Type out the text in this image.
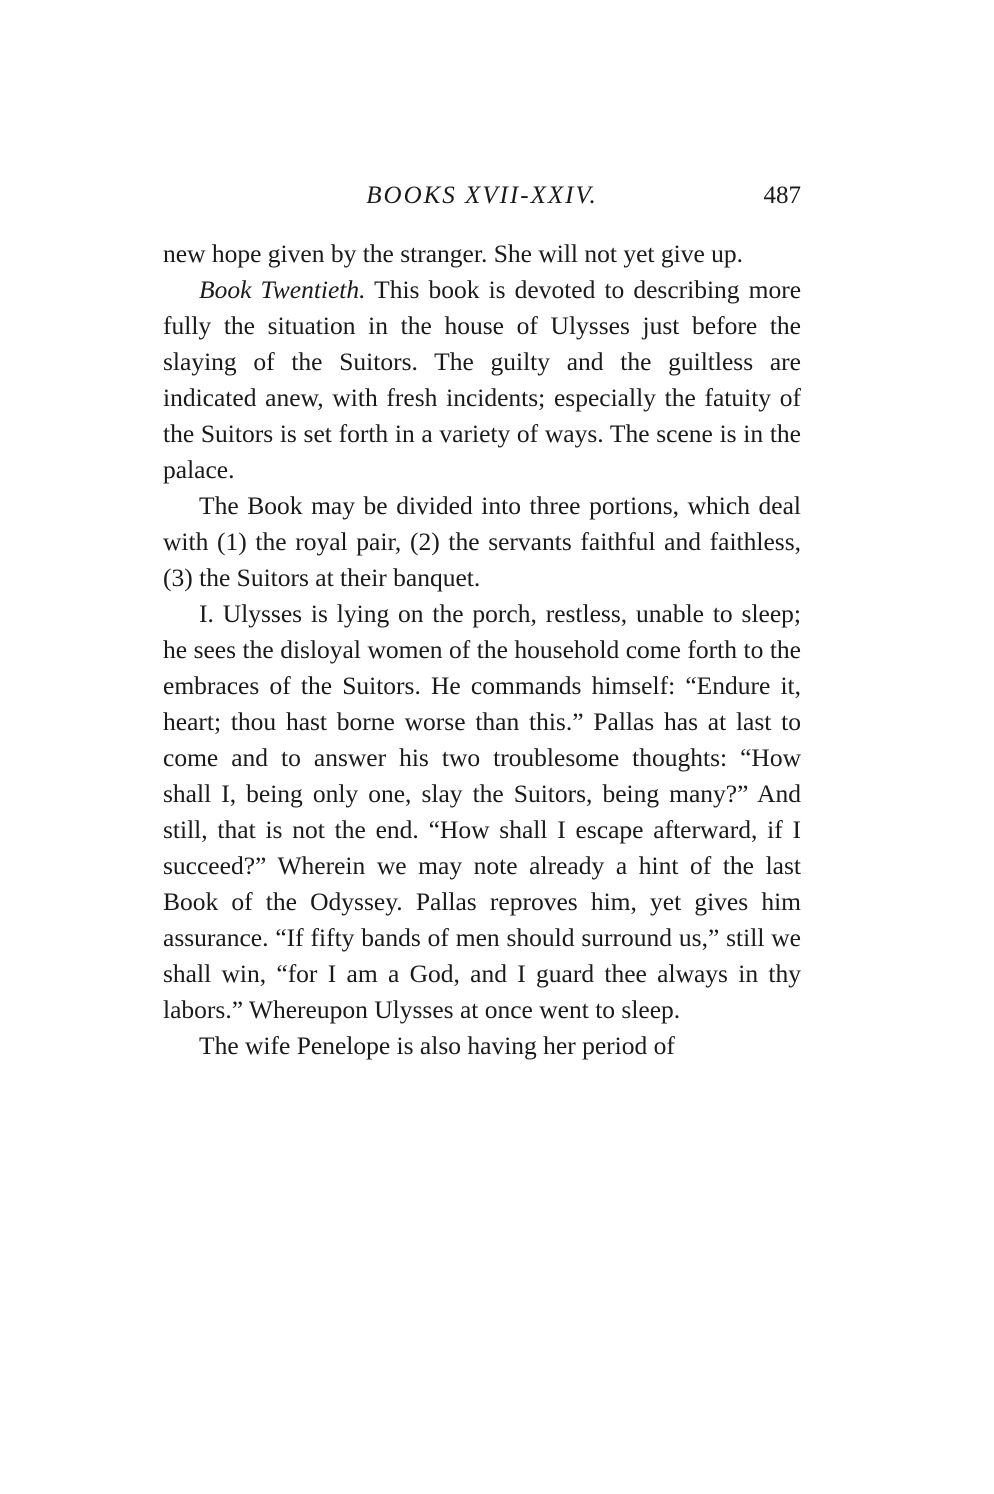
BOOKS XVII-XXIV.	487

new hope given by the stranger. She will not yet give up.

Book Twentieth. This book is devoted to describing more fully the situation in the house of Ulysses just before the slaying of the Suitors. The guilty and the guiltless are indicated anew, with fresh incidents; especially the fatuity of the Suitors is set forth in a variety of ways. The scene is in the palace.

The Book may be divided into three portions, which deal with (1) the royal pair, (2) the servants faithful and faithless, (3) the Suitors at their banquet.

I. Ulysses is lying on the porch, restless, unable to sleep; he sees the disloyal women of the household come forth to the embraces of the Suitors. He commands himself: “Endure it, heart; thou hast borne worse than this.” Pallas has at last to come and to answer his two troublesome thoughts: “How shall I, being only one, slay the Suitors, being many?” And still, that is not the end. “How shall I escape afterward, if I succeed?” Wherein we may note already a hint of the last Book of the Odyssey. Pallas reproves him, yet gives him assurance. “If fifty bands of men should surround us,” still we shall win, “for I am a God, and I guard thee always in thy labors.” Whereupon Ulysses at once went to sleep.

The wife Penelope is also having her period of
